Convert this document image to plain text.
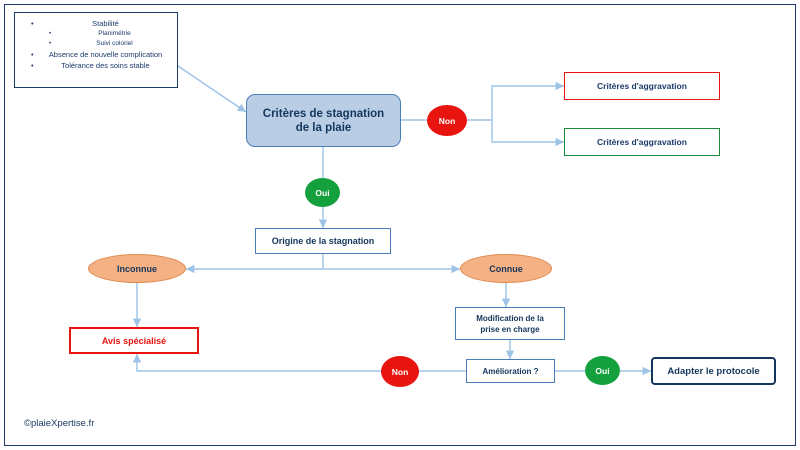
• Stabilité
• Planimétrie
• Suivi coloriel
• Absence de nouvelle complication
• Tolérance des soins stable
Critères de stagnation
de la plaie
Non
Oui
Non	Oui
Critères d'aggravation
Critères d'aggravation
Origine de la stagnation
Inconnue	Connue
Avis spécialisé
Modification de la
prise en charge
Amélioration ?	Adapter le protocole
©plaieXpertise.fr
